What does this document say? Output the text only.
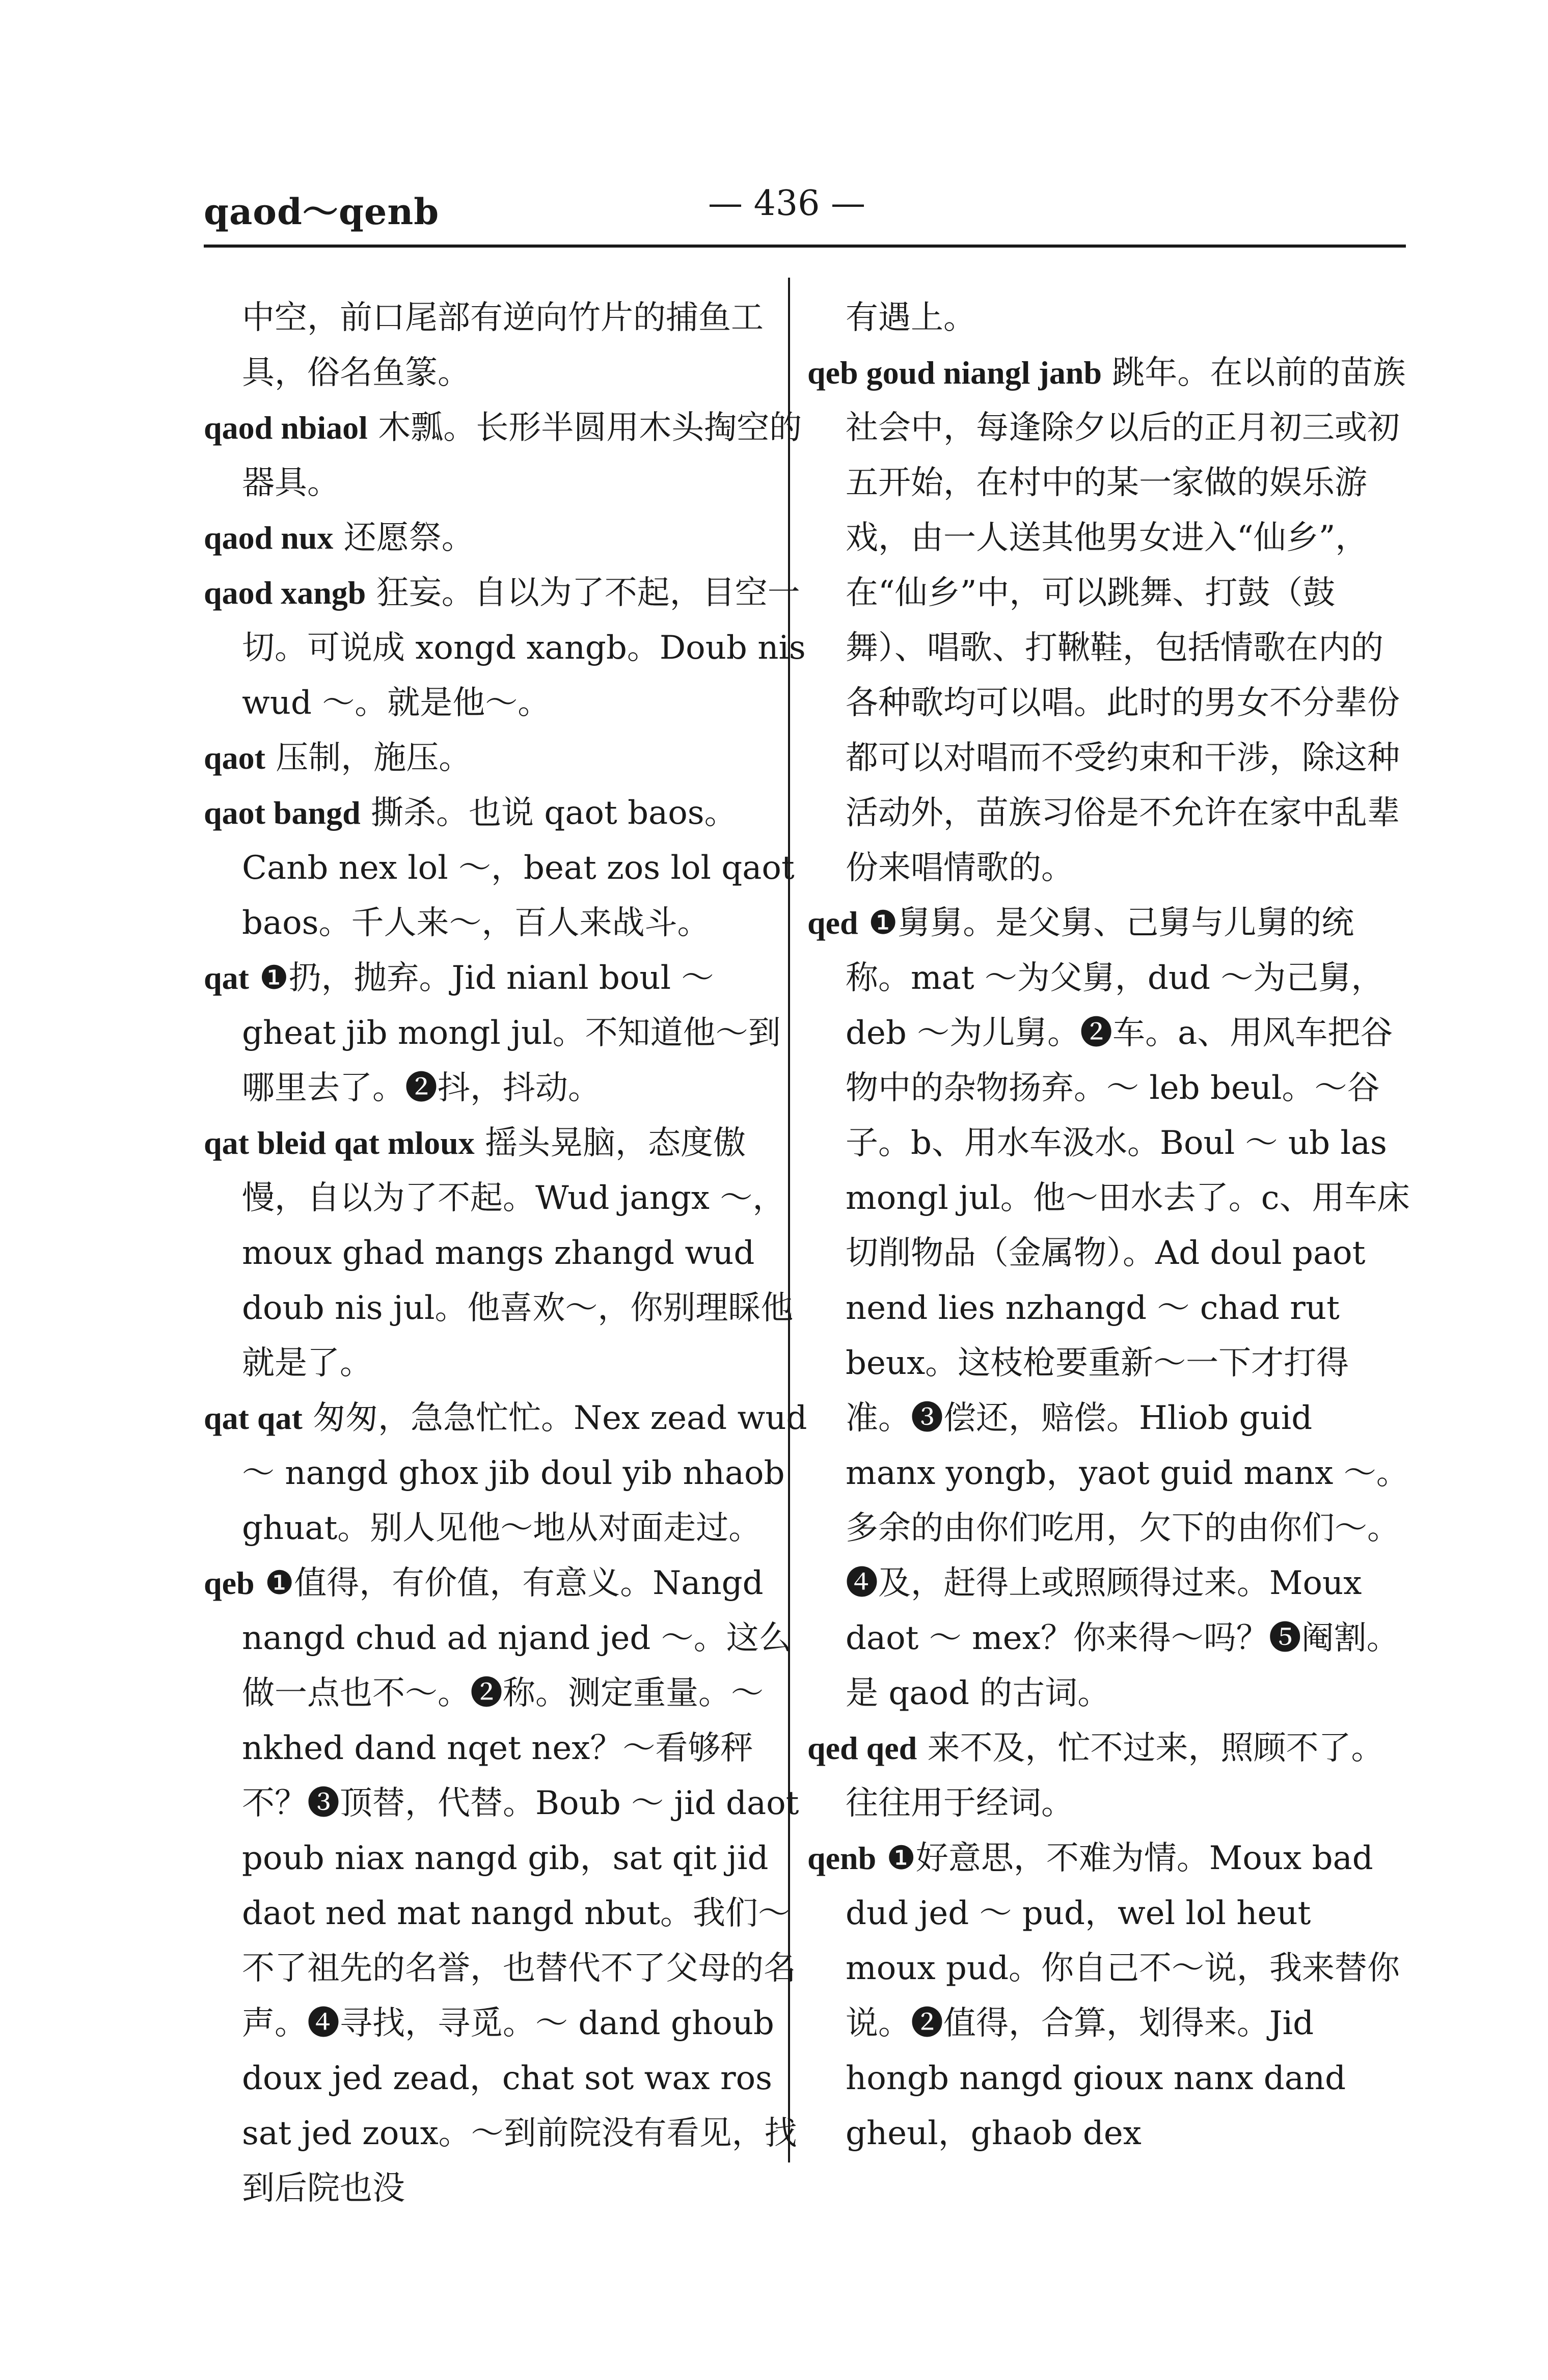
qaod～qenb	— 436 —

中空，前口尾部有逆向竹片的捕鱼工具，俗名鱼篆。

qaod nbiaol 木瓢。长形半圆用木头掏空的器具。

qaod nux 还愿祭。

qaod xangb 狂妄。自以为了不起，目空一切。可说成 xongd xangb。Doub nis wud ～。就是他～。

qaot 压制，施压。

qaot bangd 撕杀。也说 qaot baos。Canb nex lol ～，beat zos lol qaot baos。千人来～，百人来战斗。

qat ❶扔，抛弃。Jid nianl boul ～ gheat jib mongl jul。不知道他～到哪里去了。❷抖，抖动。

qat bleid qat mloux 摇头晃脑，态度傲慢，自以为了不起。Wud jangx ～，moux ghad mangs zhangd wud doub nis jul。他喜欢～，你别理睬他就是了。

qat qat 匆匆，急急忙忙。Nex zead wud ～ nangd ghox jib doul yib nhaob ghuat。别人见他～地从对面走过。

qeb ❶值得，有价值，有意义。Nangd nangd chud ad njand jed ～。这么做一点也不～。❷称。测定重量。～ nkhed dand nqet nex？～看够秤不？❸顶替，代替。Boub ～ jid daot poub niax nangd gib，sat qit jid daot ned mat nangd nbut。我们～不了祖先的名誉，也替代不了父母的名声。❹寻找，寻觅。～ dand ghoub doux jed zead，chat sot wax ros sat jed zoux。～到前院没有看见，找到后院也没

有遇上。

qeb goud niangl janb 跳年。在以前的苗族社会中，每逢除夕以后的正月初三或初五开始，在村中的某一家做的娱乐游戏，由一人送其他男女进入“仙乡”，在“仙乡”中，可以跳舞、打鼓（鼓舞）、唱歌、打鞦鞋，包括情歌在内的各种歌均可以唱。此时的男女不分辈份都可以对唱而不受约束和干涉，除这种活动外，苗族习俗是不允许在家中乱辈份来唱情歌的。

qed ❶舅舅。是父舅、己舅与儿舅的统称。mat ～为父舅，dud ～为己舅，deb ～为儿舅。❷车。a、用风车把谷物中的杂物扬弃。～ leb beul。～谷子。b、用水车汲水。Boul ～ ub las mongl jul。他～田水去了。c、用车床切削物品（金属物）。Ad doul paot nend lies nzhangd ～ chad rut beux。这枝枪要重新～一下才打得准。❸偿还，赔偿。Hliob guid manx yongb，yaot guid manx ～。多余的由你们吃用，欠下的由你们～。❹及，赶得上或照顾得过来。Moux daot ～ mex？你来得～吗？❺阉割。是 qaod 的古词。

qed qed 来不及，忙不过来，照顾不了。往往用于经词。

qenb ❶好意思，不难为情。Moux bad dud jed ～ pud，wel lol heut moux pud。你自己不～说，我来替你说。❷值得，合算，划得来。Jid hongb nangd gioux nanx dand gheul，ghaob dex
